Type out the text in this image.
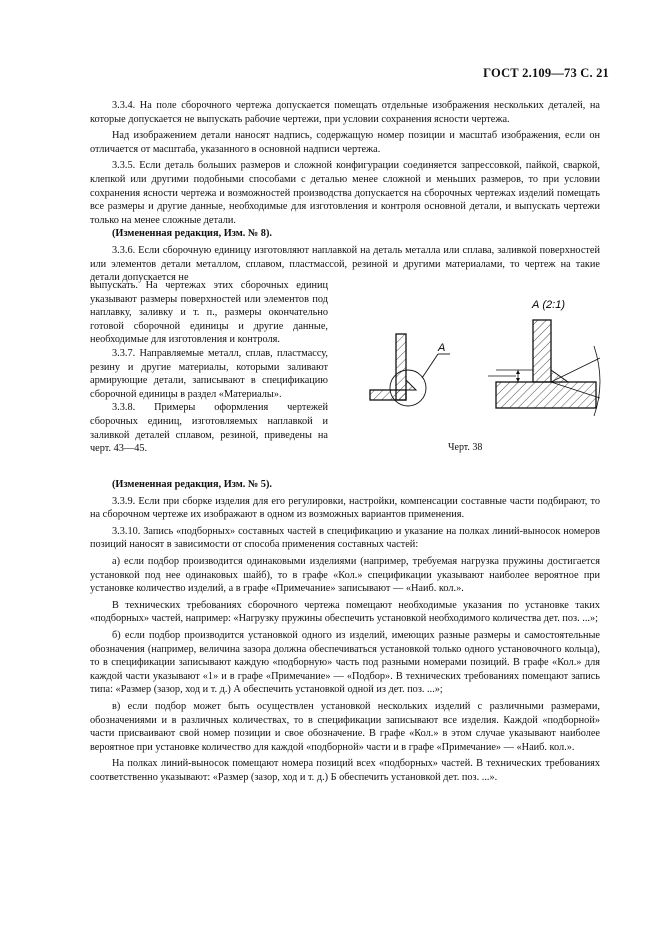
ГОСТ 2.109—73 С. 21

3.3.4. На поле сборочного чертежа допускается помещать отдельные изображения нескольких деталей, на которые допускается не выпускать рабочие чертежи, при условии сохранения ясности чертежа.

Над изображением детали наносят надпись, содержащую номер позиции и масштаб изображения, если он отличается от масштаба, указанного в основной надписи чертежа.

3.3.5. Если деталь больших размеров и сложной конфигурации соединяется запрессовкой, пайкой, сваркой, клепкой или другими подобными способами с деталью менее сложной и меньших размеров, то при условии сохранения ясности чертежа и возможностей производства допускается на сборочных чертежах изделий помещать все размеры и другие данные, необходимые для изготовления и контроля основной детали, и выпускать чертежи только на менее сложные детали.

(Измененная редакция, Изм. № 8).

3.3.6. Если сборочную единицу изготовляют наплавкой на деталь металла или сплава, заливкой поверхностей или элементов детали металлом, сплавом, пластмассой, резиной и другими материалами, то чертеж на такие детали допускается не

выпускать. На чертежах этих сборочных единиц указывают размеры поверхностей или элементов под наплавку, заливку и т. п., размеры окончательно готовой сборочной единицы и другие данные, необходимые для изготовления и контроля.

3.3.7. Направляемые металл, сплав, пластмассу, резину и другие материалы, которыми заливают армирующие детали, записывают в спецификацию сборочной единицы в раздел «Материалы».

3.3.8. Примеры оформления чертежей сборочных единиц, изготовляемых наплавкой и заливкой деталей сплавом, резиной, приведены на черт. 43—45.

А
А (2:1)
Черт. 38

(Измененная редакция, Изм. № 5).

3.3.9. Если при сборке изделия для его регулировки, настройки, компенсации составные части подбирают, то на сборочном чертеже их изображают в одном из возможных вариантов применения.

3.3.10. Запись «подборных» составных частей в спецификацию и указание на полках линий-выносок номеров позиций наносят в зависимости от способа применения составных частей:

а) если подбор производится одинаковыми изделиями (например, требуемая нагрузка пружины достигается установкой под нее одинаковых шайб), то в графе «Кол.» спецификации указывают наиболее вероятное при установке количество изделий, а в графе «Примечание» записывают — «Наиб. кол.».

В технических требованиях сборочного чертежа помещают необходимые указания по установке таких «подборных» частей, например: «Нагрузку пружины обеспечить установкой необходимого количества дет. поз. ...»;

б) если подбор производится установкой одного из изделий, имеющих разные размеры и самостоятельные обозначения (например, величина зазора должна обеспечиваться установкой только одного установочного кольца), то в спецификации записывают каждую «подборную» часть под разными номерами позиций. В графе «Кол.» для каждой части указывают «1» и в графе «Примечание» — «Подбор». В технических требованиях помещают запись типа: «Размер (зазор, ход и т. д.) А обеспечить установкой одной из дет. поз. ...»;

в) если подбор может быть осуществлен установкой нескольких изделий с различными размерами, обозначениями и в различных количествах, то в спецификации записывают все изделия. Каждой «подборной» части присваивают свой номер позиции и свое обозначение. В графе «Кол.» в этом случае указывают наиболее вероятное при установке количество для каждой «подборной» части и в графе «Примечание» — «Наиб. кол.».

На полках линий-выносок помещают номера позиций всех «подборных» частей. В технических требованиях соответственно указывают: «Размер (зазор, ход и т. д.) Б обеспечить установкой дет. поз. ...».
